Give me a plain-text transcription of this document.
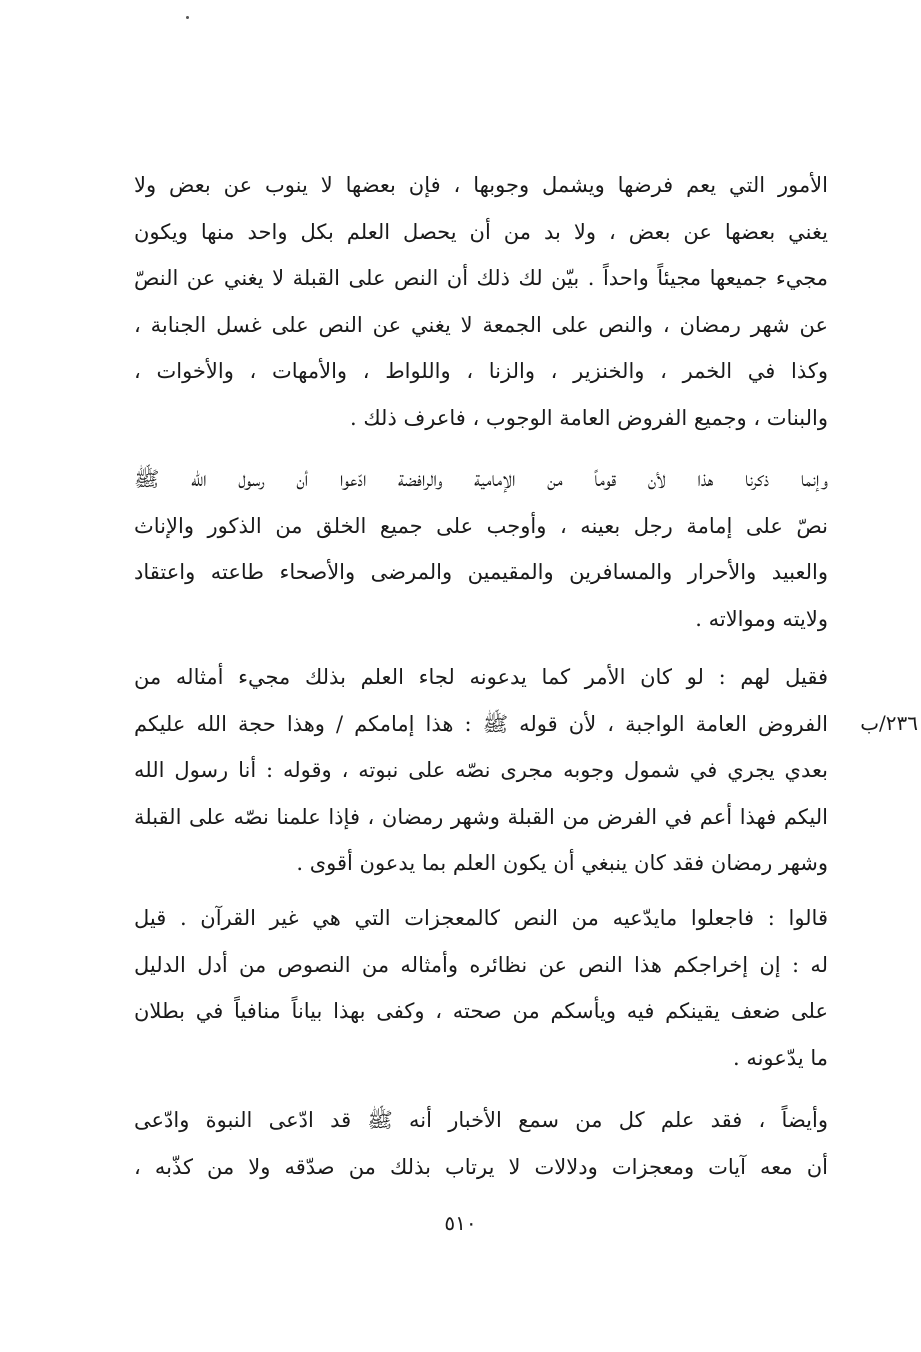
الأمور التي يعم فرضها ويشمل وجوبها ، فإن بعضها لا ينوب عن بعض ولا
يغني بعضها عن بعض ، ولا بد من أن يحصل العلم بكل واحد منها ويكون
مجيء جميعها مجيئاً واحداً . بيّن لك ذلك أن النص على القبلة لا يغني عن النصّ
عن شهر رمضان ، والنص على الجمعة لا يغني عن النص على غسل الجنابة ،
وكذا في الخمر ، والخنزير ، والزنا ، واللواط ، والأمهات ، والأخوات ،
والبنات ، وجميع الفروض العامة الوجوب ، فاعرف ذلك .
وإنما ذكرنا هذا لأن قوماً من الإمامية والرافضة ادّعوا أن رسول الله ﷺ
نصّ على إمامة رجل بعينه ، وأوجب على جميع الخلق من الذكور والإناث
والعبيد والأحرار والمسافرين والمقيمين والمرضى والأصحاء طاعته واعتقاد
ولايته وموالاته .
فقيل لهم : لو كان الأمر كما يدعونه لجاء العلم بذلك مجيء أمثاله من
الفروض العامة الواجبة ، لأن قوله ﷺ : هذا إمامكم / وهذا حجة الله عليكم
بعدي يجري في شمول وجوبه مجرى نصّه على نبوته ، وقوله : أنا رسول الله
اليكم فهذا أعم في الفرض من القبلة وشهر رمضان ، فإذا علمنا نصّه على القبلة
وشهر رمضان فقد كان ينبغي أن يكون العلم بما يدعون أقوى .
٢٣٦/ب
قالوا : فاجعلوا مايدّعيه من النص كالمعجزات التي هي غير القرآن . قيل
له : إن إخراجكم هذا النص عن نظائره وأمثاله من النصوص من أدل الدليل
على ضعف يقينكم فيه ويأسكم من صحته ، وكفى بهذا بياناً منافياً في بطلان
ما يدّعونه .
وأيضاً ، فقد علم كل من سمع الأخبار أنه ﷺ قد ادّعى النبوة وادّعى
أن معه آيات ومعجزات ودلالات لا يرتاب بذلك من صدّقه ولا من كذّبه ،
٥١٠
